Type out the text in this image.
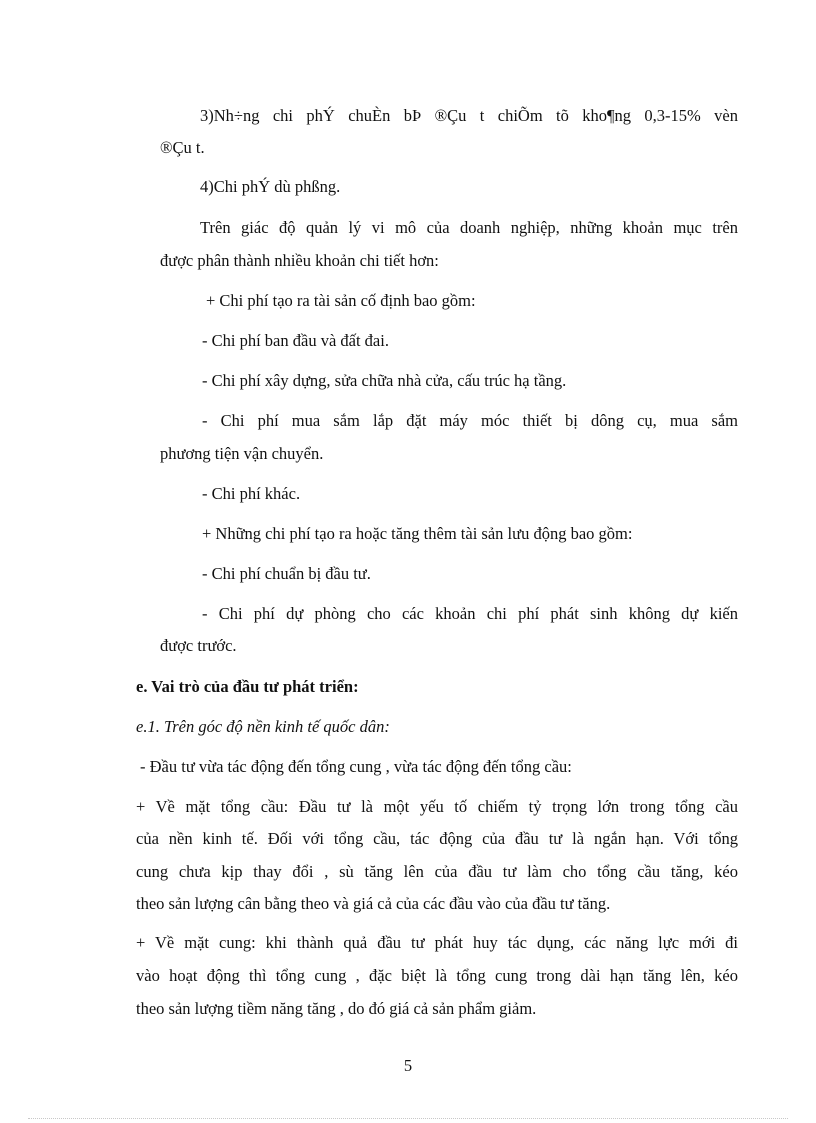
3)Nh÷ng chi phÝ chuÈn bÞ ®Çu t chiÕm tõ kho¶ng 0,3-15% vèn
®Çu t.
4)Chi phÝ dù phßng.
Trên giác độ quản lý vi mô của doanh nghiệp, những khoản mục trên
được phân thành nhiều khoản chi tiết hơn:
+ Chi phí tạo ra tài sản cố định bao gồm:
- Chi phí ban đầu và đất đai.
- Chi phí xây dựng, sửa chữa nhà cửa, cấu trúc hạ tầng.
- Chi phí mua sắm lắp đặt máy móc thiết bị dông cụ, mua sắm
phương tiện vận chuyển.
- Chi phí khác.
+ Những chi phí tạo ra hoặc tăng thêm tài sản lưu động bao gồm:
- Chi phí chuẩn bị đầu tư.
- Chi phí dự phòng cho các khoản chi phí phát sinh không dự kiến
được trước.
e. Vai trò của đầu tư phát triển:
e.1. Trên góc độ nền kinh tế quốc dân:
- Đầu tư vừa tác động đến tổng cung , vừa tác động đến tổng cầu:
+ Về mặt tổng cầu: Đầu tư là một yếu tố chiếm tỷ trọng lớn trong tổng cầu
của nền kinh tế. Đối với tổng cầu, tác động của đầu tư là ngắn hạn. Với tổng
cung chưa kịp thay đổi , sù tăng lên của đầu tư làm cho tổng cầu tăng, kéo
theo sản lượng cân bằng theo và giá cả của các đầu vào của đầu tư tăng.
+ Về mặt cung: khi thành quả đầu tư phát huy tác dụng, các năng lực mới đi
vào hoạt động thì tổng cung , đặc biệt là tổng cung trong dài hạn tăng lên, kéo
theo sản lượng tiềm năng tăng , do đó giá cả sản phẩm giảm.
5
